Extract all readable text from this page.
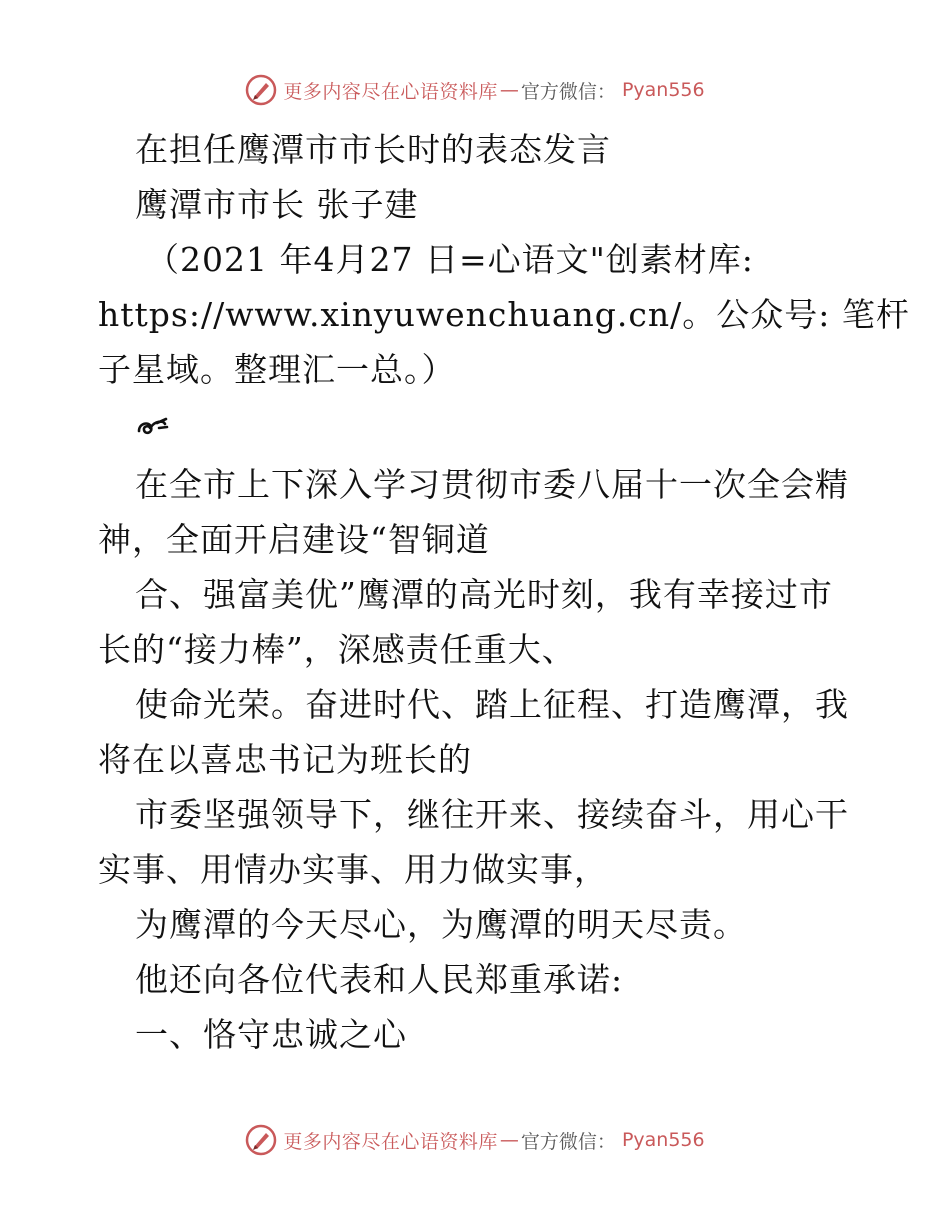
更多内容尽在心语资料库 — 官方微信： Pyan556
在担任鹰潭市市长时的表态发言
鹰潭市市长 张子建
（2021 年4月27 日=心语文"创素材库:
https://www.xinyuwenchuang.cn/。公众号: 笔杆
子星域。整理汇一总。）
在全市上下深入学习贯彻市委八届十一次全会精
神，全面开启建设“智铜道
合、强富美优”鹰潭的高光时刻，我有幸接过市
长的“接力棒”，深感责任重大、
使命光荣。奋进时代、踏上征程、打造鹰潭，我
将在以喜忠书记为班长的
市委坚强领导下，继往开来、接续奋斗，用心干
实事、用情办实事、用力做实事，
为鹰潭的今天尽心，为鹰潭的明天尽责。
他还向各位代表和人民郑重承诺:
一、恪守忠诚之心
更多内容尽在心语资料库 — 官方微信： Pyan556
